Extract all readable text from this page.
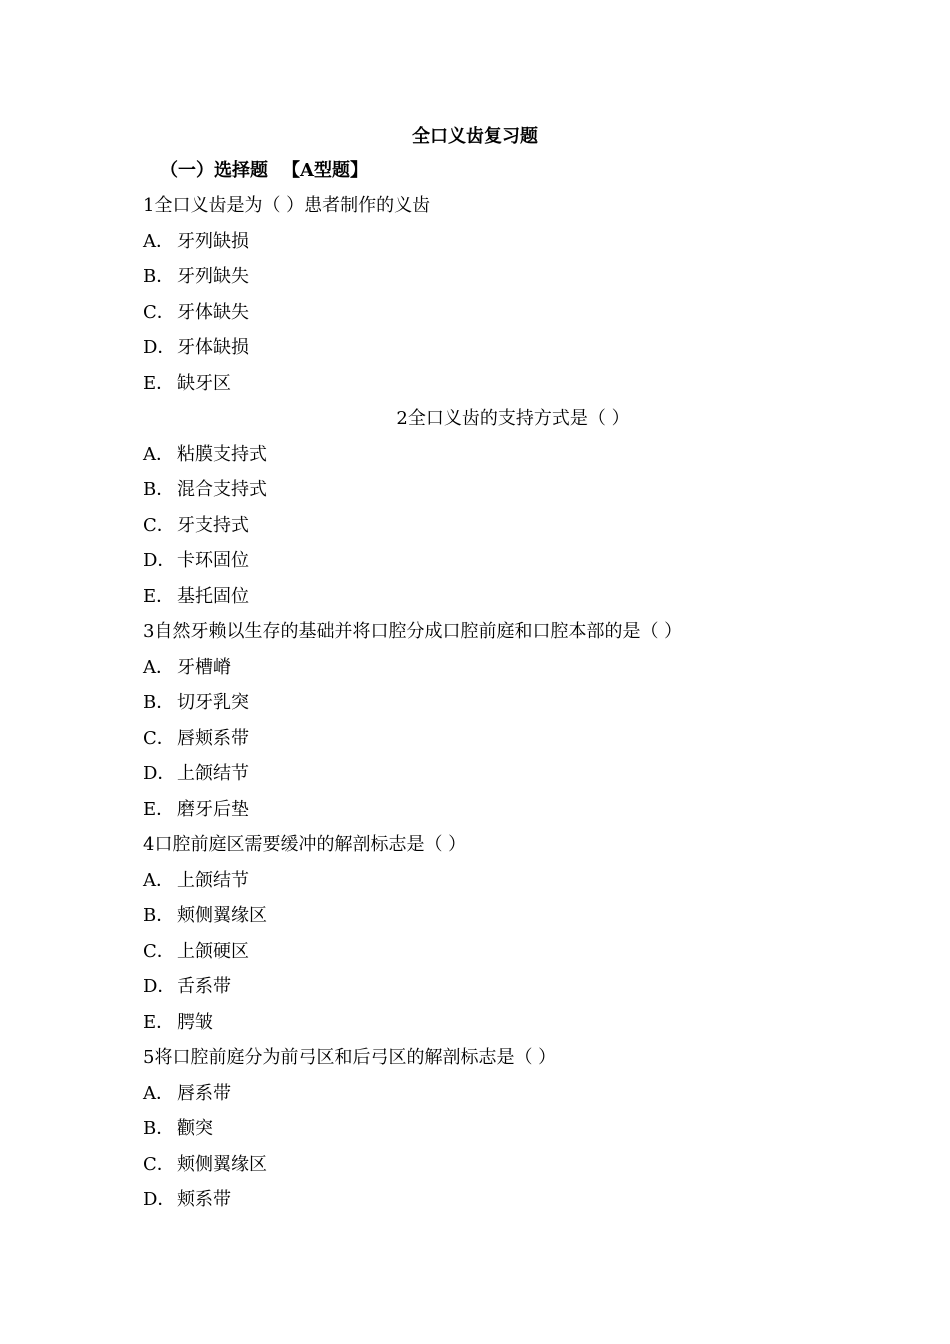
全口义齿复习题
（一）选择题 【A型题】
1全口义齿是为（ ）患者制作的义齿
A． 牙列缺损
B． 牙列缺失
C． 牙体缺失
D．牙体缺损
E． 缺牙区
2全口义齿的支持方式是（ ）
A． 粘膜支持式
B． 混合支持式
C． 牙支持式
D．卡环固位
E． 基托固位
3自然牙赖以生存的基础并将口腔分成口腔前庭和口腔本部的是（ ）
A． 牙槽嵴
B． 切牙乳突
C． 唇颊系带
D．上颌结节
E． 磨牙后垫
4口腔前庭区需要缓冲的解剖标志是（ ）
A． 上颌结节
B． 颊侧翼缘区
C． 上颌硬区
D．舌系带
E． 腭皱
5将口腔前庭分为前弓区和后弓区的解剖标志是（ ）
A． 唇系带
B． 颧突
C． 颊侧翼缘区
D．颊系带
